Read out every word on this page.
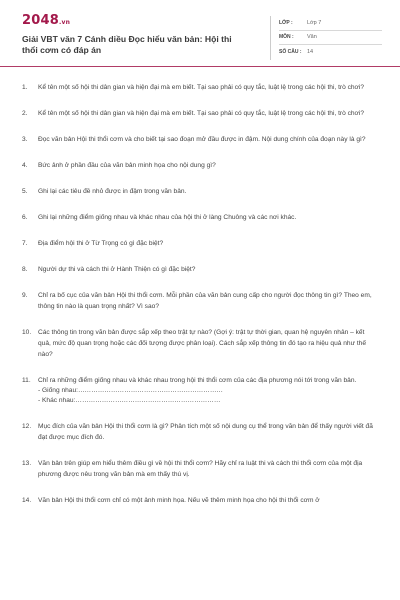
2048.vn
Giải VBT văn 7 Cánh diều Đọc hiểu văn bản: Hội thi thổi cơm có đáp án
LỚP :	Lớp 7
MÔN :	Văn
SỐ CÂU :	14
1.	Kể tên một số hội thi dân gian và hiện đại mà em biết. Tại sao phải có quy tắc, luật lệ trong các hội thi, trò chơi?
2.	Kể tên một số hội thi dân gian và hiện đại mà em biết. Tại sao phải có quy tắc, luật lệ trong các hội thi, trò chơi?
3.	Đọc văn bản Hội thi thổi cơm và cho biết tại sao đoạn mở đầu được in đậm. Nội dung chính của đoạn này là gì?
4.	Bức ảnh ở phần đầu của văn bản minh họa cho nội dung gì?
5.	Ghi lại các tiêu đề nhỏ được in đậm trong văn bản.
6.	Ghi lại những điểm giống nhau và khác nhau của hội thi ở làng Chuông và các nơi khác.
7.	Địa điểm hội thi ở Từ Trọng có gì đặc biệt?
8.	Người dự thi và cách thi ở Hành Thiện có gì đặc biệt?
9.	Chỉ ra bố cục của văn bản Hội thi thổi cơm. Mỗi phần của văn bản cung cấp cho người đọc thông tin gì? Theo em, thông tin nào là quan trọng nhất? Vì sao?
10.	Các thông tin trong văn bản được sắp xếp theo trật tự nào? (Gợi ý: trật tự thời gian, quan hệ nguyên nhân – kết quả, mức độ quan trọng hoặc các đối tượng được phân loại). Cách sắp xếp thông tin đó tạo ra hiệu quả như thế nào?
11.	Chỉ ra những điểm giống nhau và khác nhau trong hội thi thổi cơm của các địa phương nói tới trong văn bản.
- Giống nhau:…………………………………………………………
- Khác nhau:…………………………………………………………
12.	Mục đích của văn bản Hội thi thổi cơm là gì? Phân tích một số nội dung cụ thể trong văn bản để thấy người viết đã đạt được mục đích đó.
13.	Văn bản trên giúp em hiểu thêm điều gì về hội thi thổi cơm? Hãy chỉ ra luật thi và cách thi thổi cơm của một địa phương được nêu trong văn bản mà em thấy thú vị.
14.	Văn bản Hội thi thổi cơm chỉ có một ảnh minh họa. Nếu vẽ thêm minh họa cho hội thi thổi cơm ở
